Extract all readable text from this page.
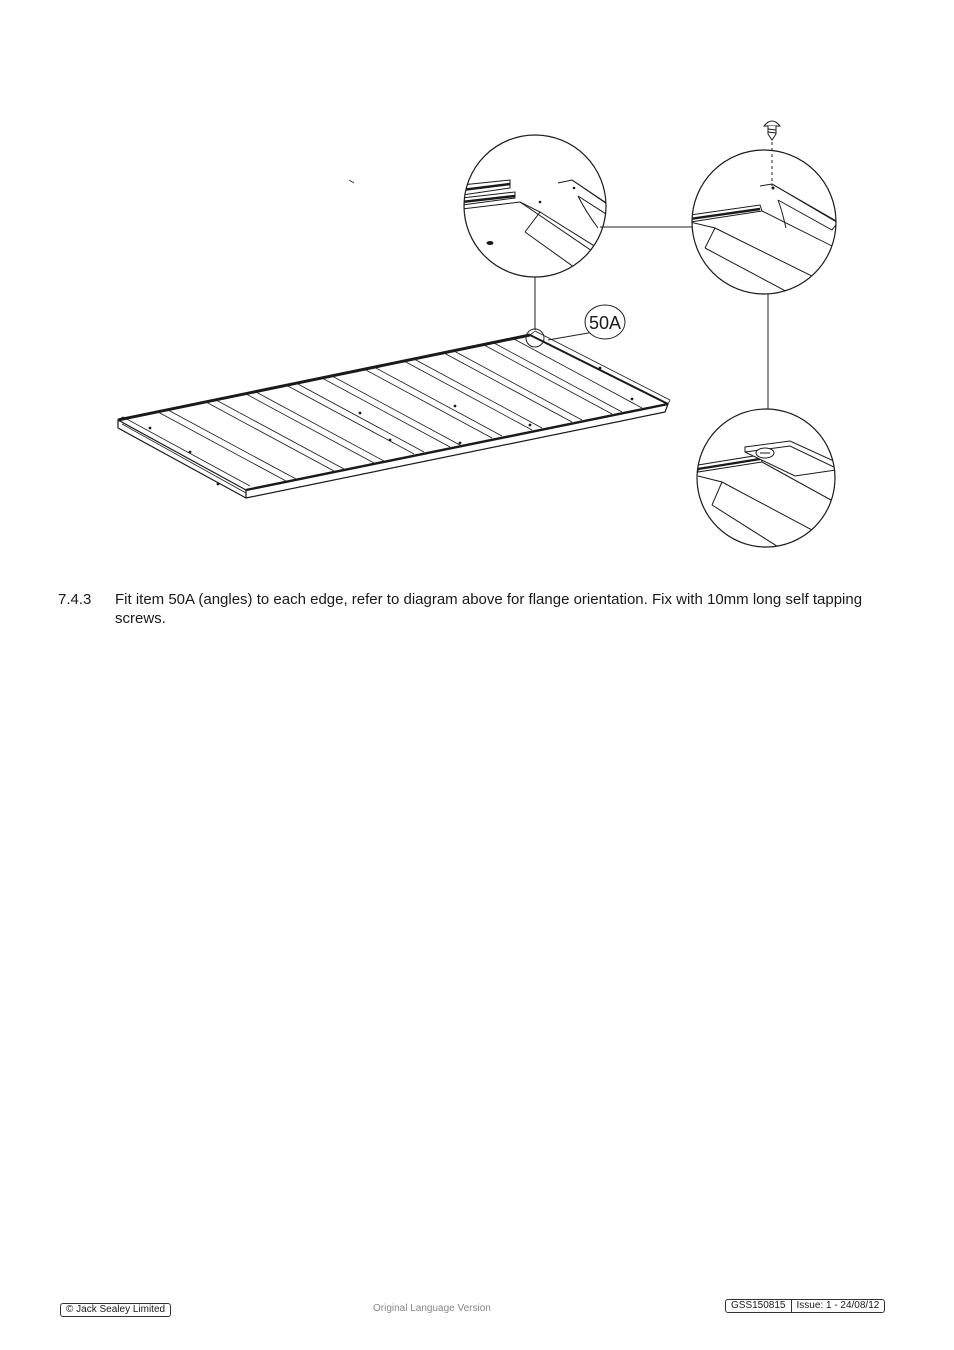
50A
7.4.3 Fit item 50A (angles) to each edge, refer to diagram above for flange orientation. Fix with 10mm long self tapping screws.
© Jack Sealey Limited	Original Language Version	GSS150815	Issue: 1 - 24/08/12
